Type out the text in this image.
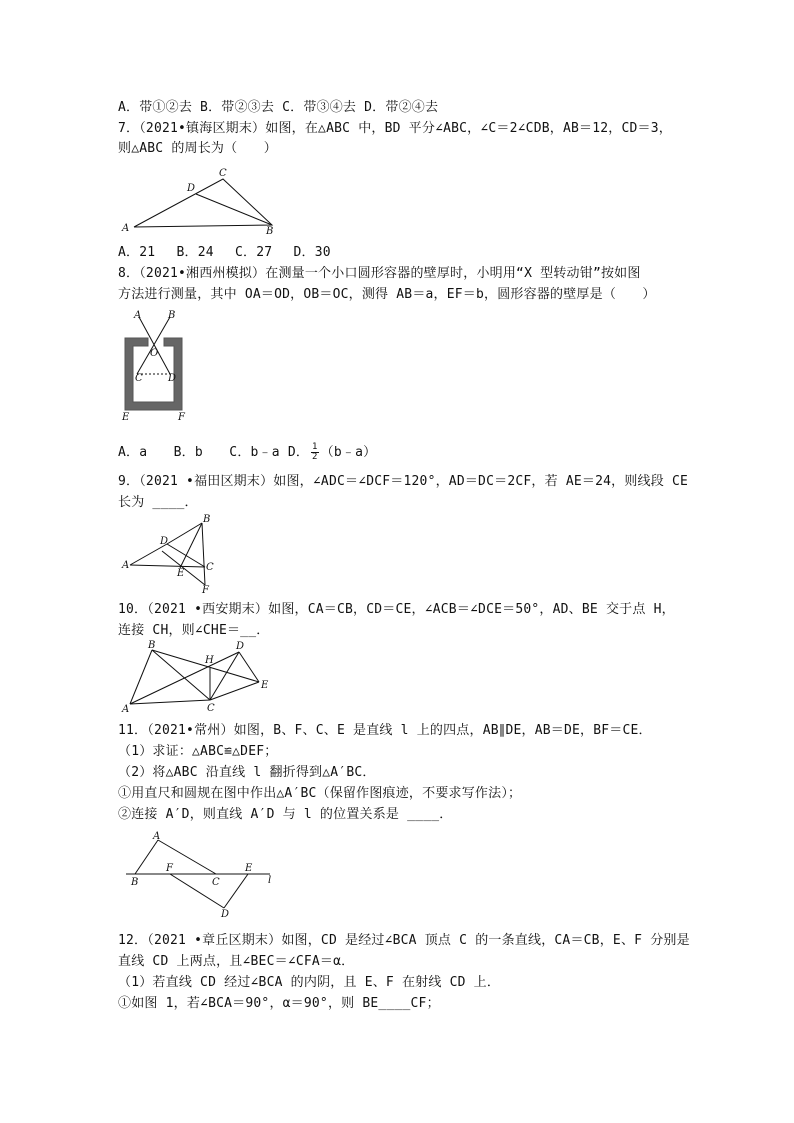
A．带①②去 B．带②③去 C．带③④去 D．带②④去
7．（2021•镇海区期末）如图，在△ABC 中，BD 平分∠ABC，∠C＝2∠CDB，AB＝12，CD＝3，
则△ABC 的周长为（　　）
A	B
C
D
A．21　 B．24　 C．27　 D．30
8．（2021•湘西州模拟）在测量一个小口圆形容器的壁厚时，小明用“X 型转动钳”按如图
方法进行测量，其中 OA＝OD，OB＝OC，测得 AB＝a，EF＝b，圆形容器的壁厚是（　　）
A	B
O
C	D
E	F
A．a　　B．b　　C．b﹣a D． $\frac{1}{2}$ （b﹣a）
9．（2021 •福田区期末）如图，∠ADC＝∠DCF＝120°，AD＝DC＝2CF，若 AE＝24，则线段 CE
长为 ____．
A
B
C
D
E
F
10．（2021 •西安期末）如图，CA＝CB，CD＝CE，∠ACB＝∠DCE＝50°，AD、BE 交于点 H，
连接 CH，则∠CHE＝__．
B
A	C
D
E
H
11．（2021•常州）如图，B、F、C、E 是直线 l 上的四点，AB∥DE，AB＝DE，BF＝CE．
（1）求证：△ABC≌△DEF；
（2）将△ABC 沿直线 l 翻折得到△A′BC．
①用直尺和圆规在图中作出△A′BC（保留作图痕迹，不要求写作法）；
②连接 A′D，则直线 A′D 与 l 的位置关系是 ____．
A
B
F
C
E
D
l
12．（2021 •章丘区期末）如图，CD 是经过∠BCA 顶点 C 的一条直线，CA＝CB，E、F 分别是
直线 CD 上两点，且∠BEC＝∠CFA＝α．
（1）若直线 CD 经过∠BCA 的内阴，且 E、F 在射线 CD 上．
①如图 1，若∠BCA＝90°，α＝90°，则 BE____CF；
